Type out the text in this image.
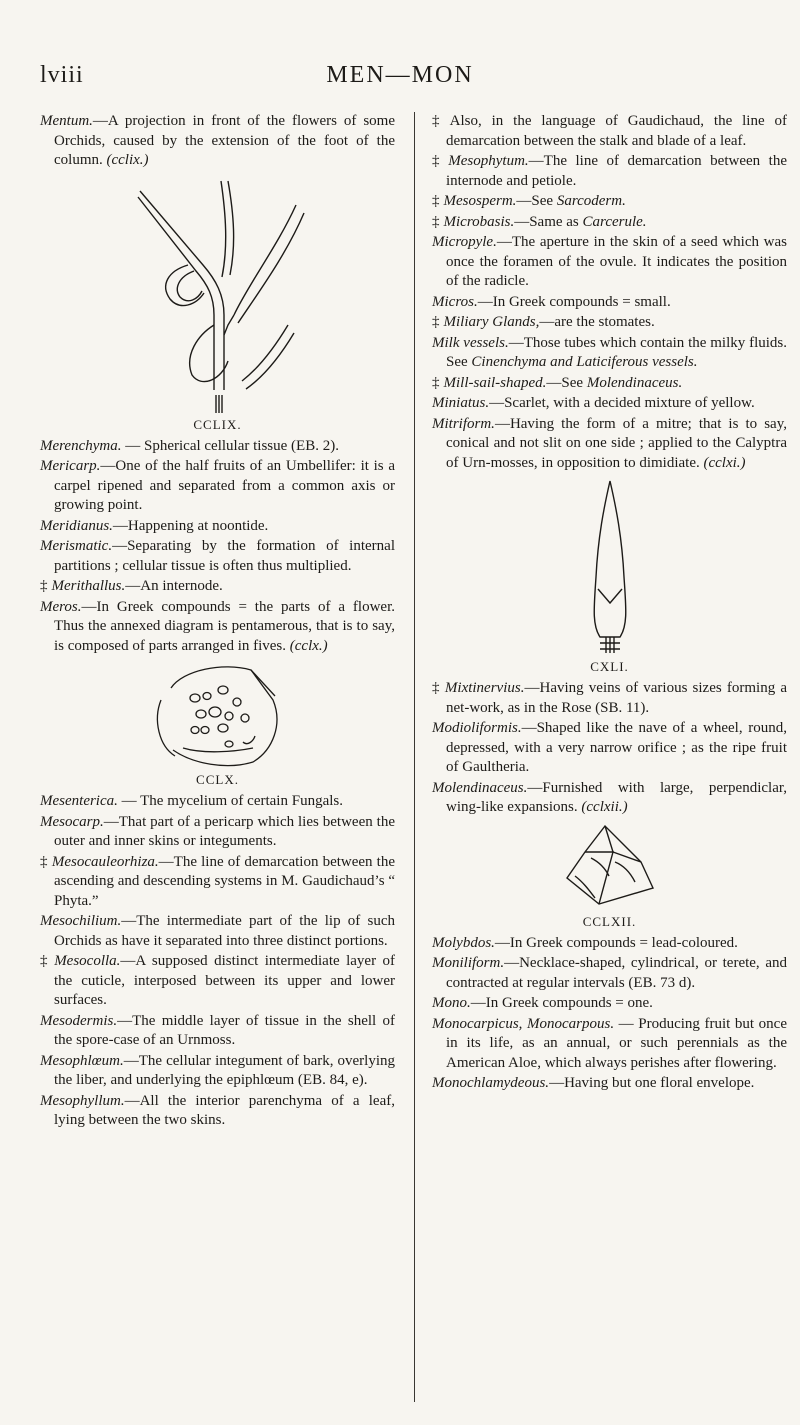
lviii	MEN—MON

Mentum.—A projection in front of the flowers of some Orchids, caused by the extension of the foot of the column. (cclix.)

CCLIX.

Merenchyma. — Spherical cellular tissue (EB. 2).

Mericarp.—One of the half fruits of an Umbellifer: it is a carpel ripened and separated from a common axis or growing point.

Meridianus.—Happening at noontide.

Merismatic.—Separating by the formation of internal partitions ; cellular tissue is often thus multiplied.

‡ Merithallus.—An internode.

Meros.—In Greek compounds = the parts of a flower. Thus the annexed diagram is pentamerous, that is to say, is composed of parts arranged in fives. (cclx.)

CCLX.

Mesenterica. — The mycelium of certain Fungals.

Mesocarp.—That part of a pericarp which lies between the outer and inner skins or integuments.

‡ Mesocauleorhiza.—The line of demarcation between the ascending and descending systems in M. Gaudichaud’s “ Phyta.”

Mesochilium.—The intermediate part of the lip of such Orchids as have it separated into three distinct portions.

‡ Mesocolla.—A supposed distinct intermediate layer of the cuticle, interposed between its upper and lower surfaces.

Mesodermis.—The middle layer of tissue in the shell of the spore-case of an Urnmoss.

Mesophlœum.—The cellular integument of bark, overlying the liber, and underlying the epiphlœum (EB. 84, e).

Mesophyllum.—All the interior parenchyma of a leaf, lying between the two skins.

‡ Also, in the language of Gaudichaud, the line of demarcation between the stalk and blade of a leaf.

‡ Mesophytum.—The line of demarcation between the internode and petiole.

‡ Mesosperm.—See Sarcoderm.

‡ Microbasis.—Same as Carcerule.

Micropyle.—The aperture in the skin of a seed which was once the foramen of the ovule. It indicates the position of the radicle.

Micros.—In Greek compounds = small.

‡ Miliary Glands,—are the stomates.

Milk vessels.—Those tubes which contain the milky fluids. See Cinenchyma and Laticiferous vessels.

‡ Mill-sail-shaped.—See Molendinaceus.

Miniatus.—Scarlet, with a decided mixture of yellow.

Mitriform.—Having the form of a mitre; that is to say, conical and not slit on one side ; applied to the Calyptra of Urn-mosses, in opposition to dimidiate. (cclxi.)

CXLI.

‡ Mixtinervius.—Having veins of various sizes forming a net-work, as in the Rose (SB. 11).

Modioliformis.—Shaped like the nave of a wheel, round, depressed, with a very narrow orifice ; as the ripe fruit of Gaultheria.

Molendinaceus.—Furnished with large, perpendiclar, wing-like expansions. (cclxii.)

CCLXII.

Molybdos.—In Greek compounds = lead-coloured.

Moniliform.—Necklace-shaped, cylindrical, or terete, and contracted at regular intervals (EB. 73 d).

Mono.—In Greek compounds = one.

Monocarpicus, Monocarpous. — Producing fruit but once in its life, as an annual, or such perennials as the American Aloe, which always perishes after flowering.

Monochlamydeous.—Having but one floral envelope.
